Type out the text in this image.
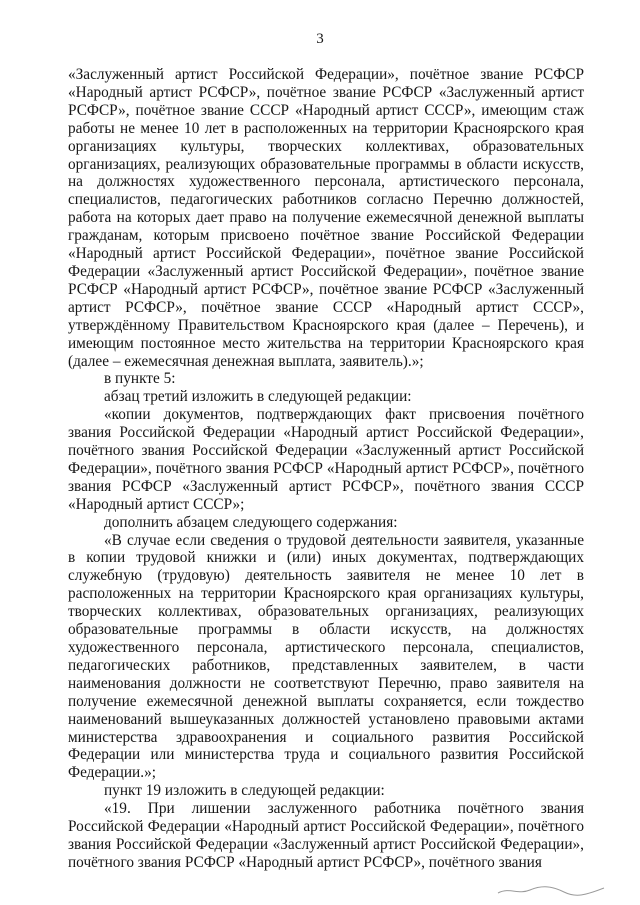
3

«Заслуженный артист Российской Федерации», почётное звание РСФСР «Народный артист РСФСР», почётное звание РСФСР «Заслуженный артист РСФСР», почётное звание СССР «Народный артист СССР», имеющим стаж работы не менее 10 лет в расположенных на территории Красноярского края организациях культуры, творческих коллективах, образовательных организациях, реализующих образовательные программы в области искусств, на должностях художественного персонала, артистического персонала, специалистов, педагогических работников согласно Перечню должностей, работа на которых дает право на получение ежемесячной денежной выплаты гражданам, которым присвоено почётное звание Российской Федерации «Народный артист Российской Федерации», почётное звание Российской Федерации «Заслуженный артист Российской Федерации», почётное звание РСФСР «Народный артист РСФСР», почётное звание РСФСР «Заслуженный артист РСФСР», почётное звание СССР «Народный артист СССР», утверждённому Правительством Красноярского края (далее – Перечень), и имеющим постоянное место жительства на территории Красноярского края (далее – ежемесячная денежная выплата, заявитель).»;

в пункте 5:

абзац третий изложить в следующей редакции:

«копии документов, подтверждающих факт присвоения почётного звания Российской Федерации «Народный артист Российской Федерации», почётного звания Российской Федерации «Заслуженный артист Российской Федерации», почётного звания РСФСР «Народный артист РСФСР», почётного звания РСФСР «Заслуженный артист РСФСР», почётного звания СССР «Народный артист СССР»;

дополнить абзацем следующего содержания:

«В случае если сведения о трудовой деятельности заявителя, указанные в копии трудовой книжки и (или) иных документах, подтверждающих служебную (трудовую) деятельность заявителя не менее 10 лет в расположенных на территории Красноярского края организациях культуры, творческих коллективах, образовательных организациях, реализующих образовательные программы в области искусств, на должностях художественного персонала, артистического персонала, специалистов, педагогических работников, представленных заявителем, в части наименования должности не соответствуют Перечню, право заявителя на получение ежемесячной денежной выплаты сохраняется, если тождество наименований вышеуказанных должностей установлено правовыми актами министерства здравоохранения и социального развития Российской Федерации или министерства труда и социального развития Российской Федерации.»;

пункт 19 изложить в следующей редакции:

«19. При лишении заслуженного работника почётного звания Российской Федерации «Народный артист Российской Федерации», почётного звания Российской Федерации «Заслуженный артист Российской Федерации», почётного звания РСФСР «Народный артист РСФСР», почётного звания
